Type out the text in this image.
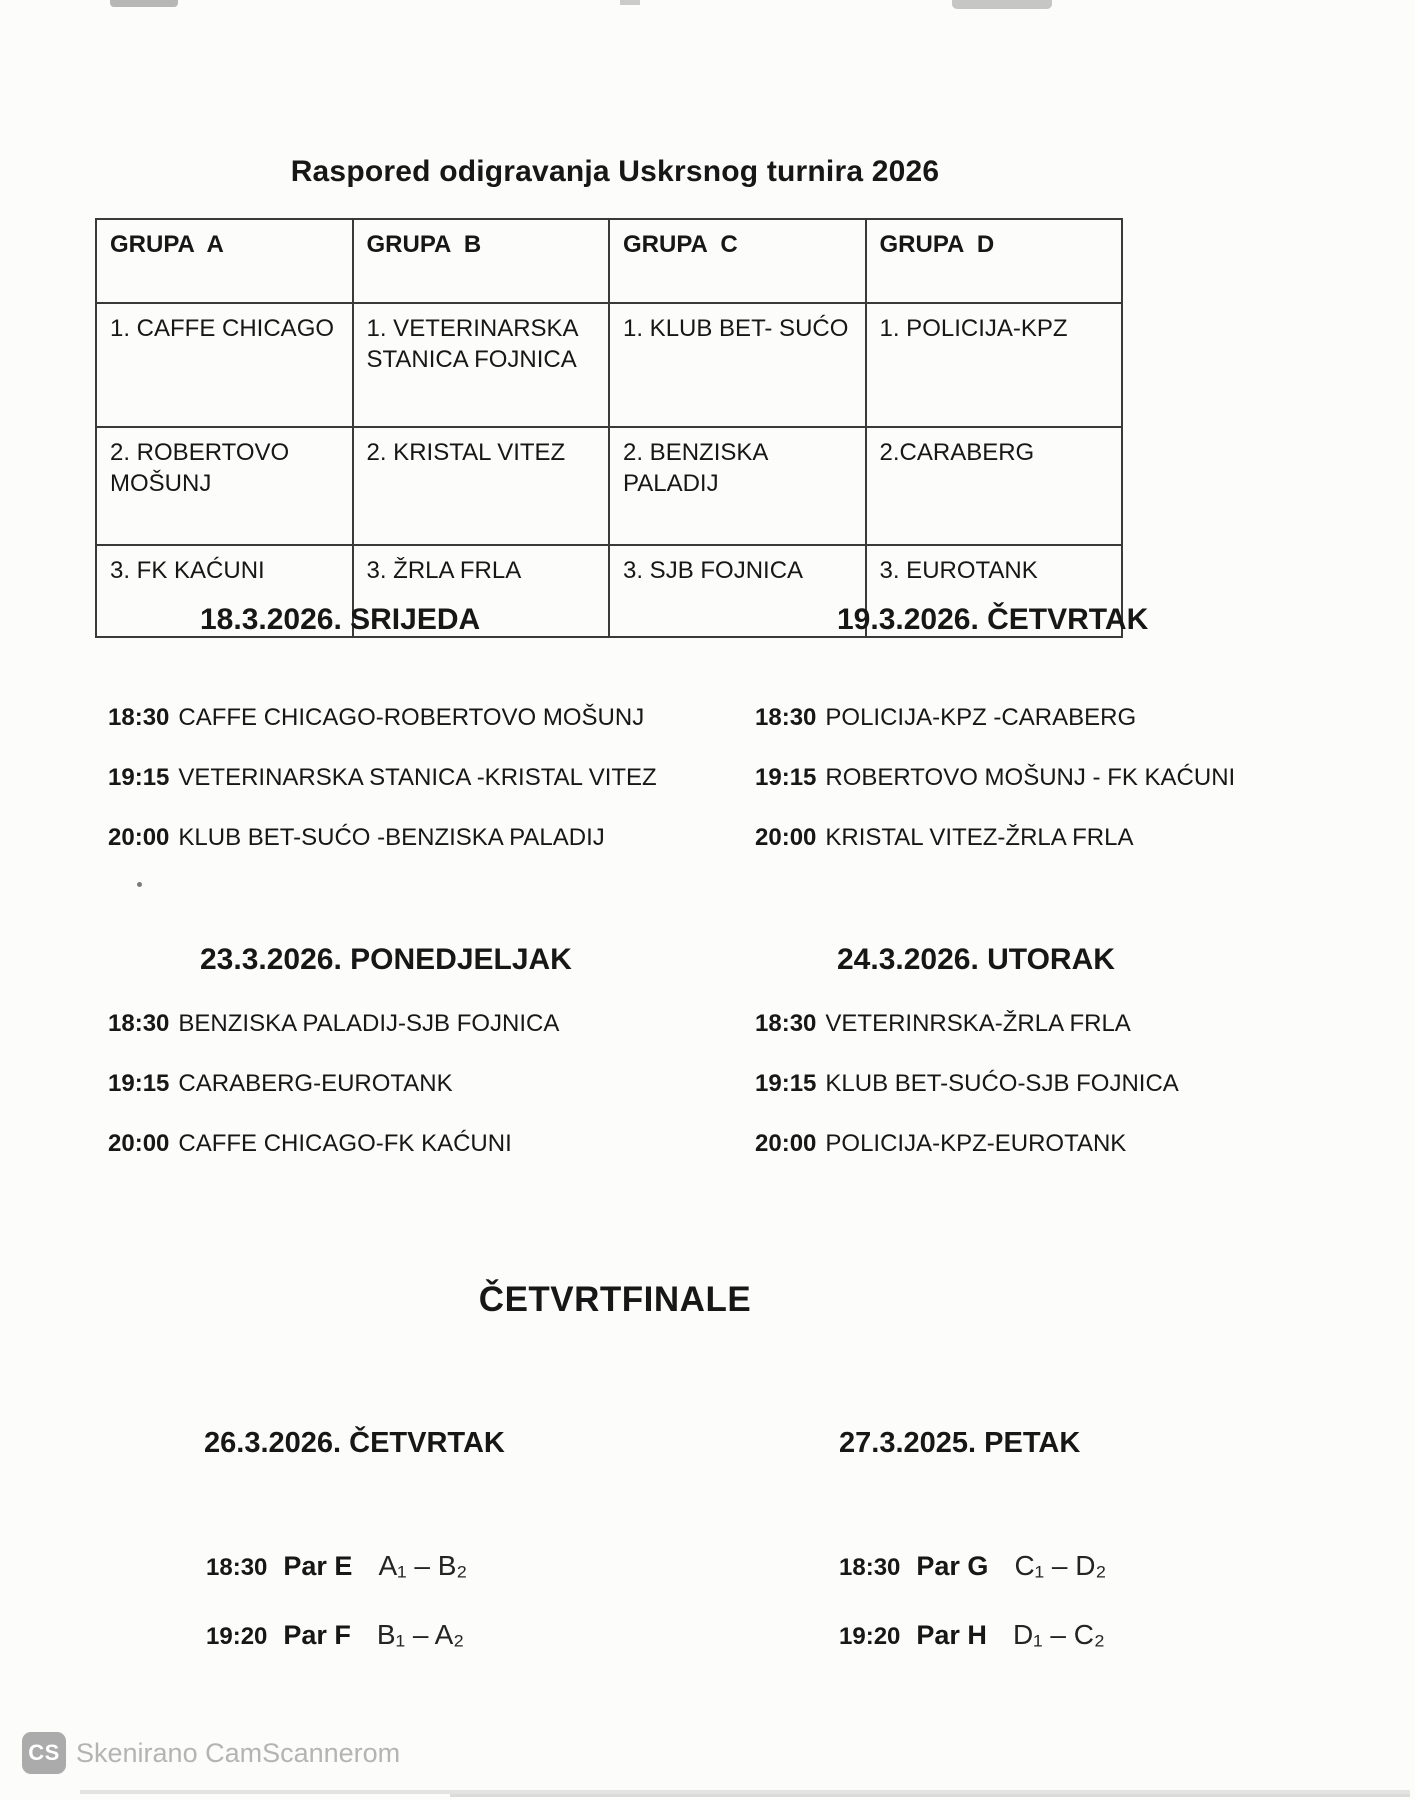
Raspored odigravanja Uskrsnog turnira 2026
GRUPA  A	GRUPA  B	GRUPA  C	GRUPA  D
1. CAFFE CHICAGO	1. VETERINARSKA STANICA FOJNICA	1. KLUB BET- SUĆO	1. POLICIJA-KPZ
2. ROBERTOVO MOŠUNJ	2. KRISTAL VITEZ	2. BENZISKA PALADIJ	2.CARABERG
3. FK KAĆUNI	3. ŽRLA FRLA	3. SJB FOJNICA	3. EUROTANK

18.3.2026. SRIJEDA

18:30 CAFFE CHICAGO-ROBERTOVO MOŠUNJ
19:15 VETERINARSKA STANICA -KRISTAL VITEZ
20:00 KLUB BET-SUĆO -BENZISKA PALADIJ

19.3.2026. ČETVRTAK

18:30 POLICIJA-KPZ -CARABERG
19:15 ROBERTOVO MOŠUNJ - FK KAĆUNI
20:00 KRISTAL VITEZ-ŽRLA FRLA

23.3.2026. PONEDJELJAK

18:30 BENZISKA PALADIJ-SJB FOJNICA
19:15 CARABERG-EUROTANK
20:00 CAFFE CHICAGO-FK KAĆUNI

24.3.2026. UTORAK

18:30 VETERINRSKA-ŽRLA FRLA
19:15 KLUB BET-SUĆO-SJB FOJNICA
20:00 POLICIJA-KPZ-EUROTANK
ČETVRTFINALE

26.3.2026. ČETVRTAK

18:30 Par E A₁ – B₂
19:20 Par F B₁ – A₂

27.3.2025. PETAK

18:30 Par G C₁ – D₂
19:20 Par H D₁ – C₂
CS Skenirano CamScannerom
